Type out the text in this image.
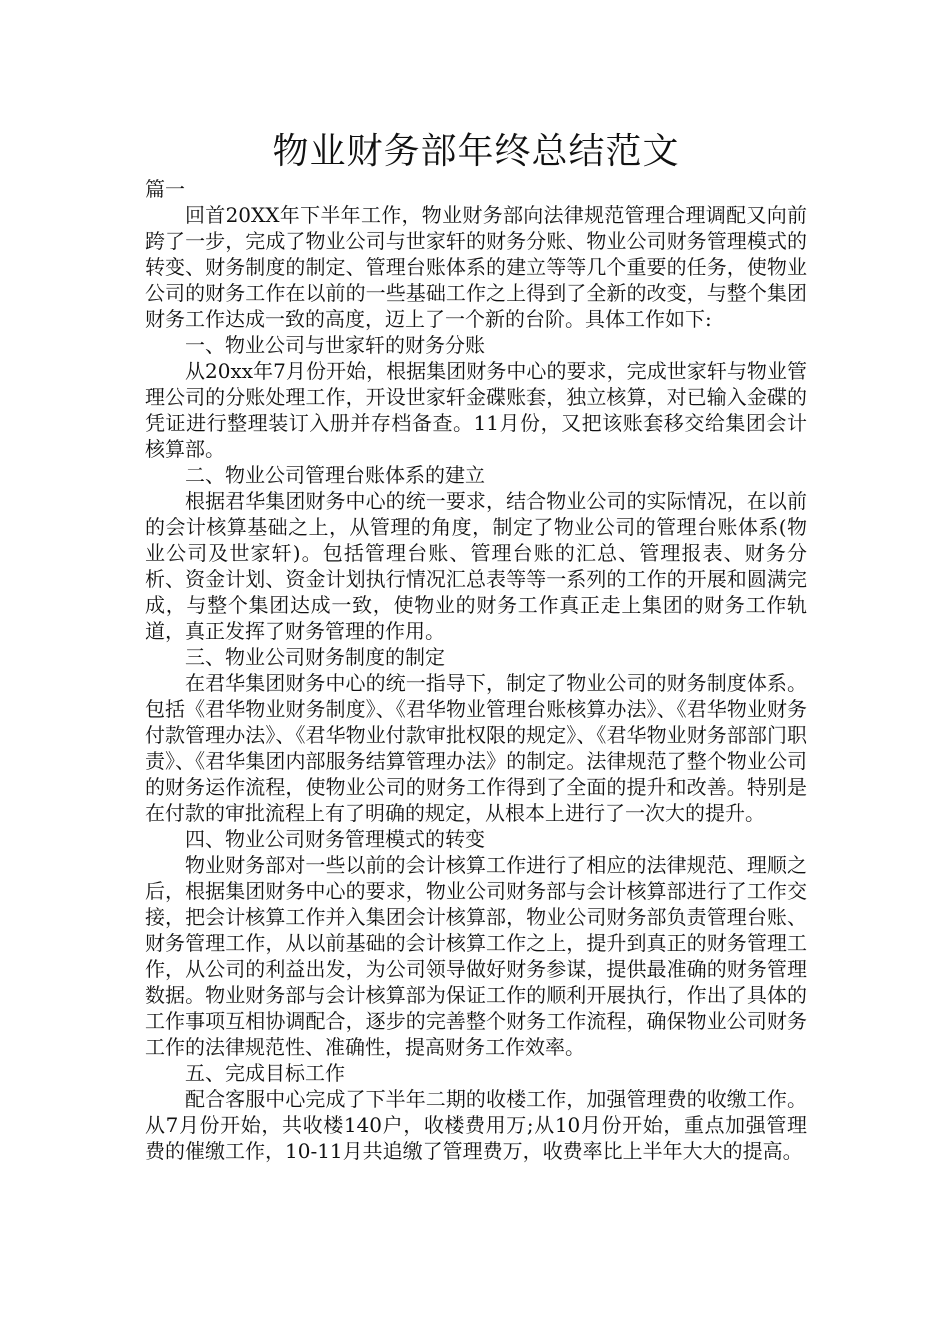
物业财务部年终总结范文

篇一

回首20XX年下半年工作，物业财务部向法律规范管理合理调配又向前跨了一步，完成了物业公司与世家轩的财务分账、物业公司财务管理模式的转变、财务制度的制定、管理台账体系的建立等等几个重要的任务，使物业公司的财务工作在以前的一些基础工作之上得到了全新的改变，与整个集团财务工作达成一致的高度，迈上了一个新的台阶。具体工作如下:

一、物业公司与世家轩的财务分账

从20xx年7月份开始，根据集团财务中心的要求，完成世家轩与物业管理公司的分账处理工作，开设世家轩金碟账套，独立核算，对已输入金碟的凭证进行整理装订入册并存档备查。11月份，又把该账套移交给集团会计核算部。

二、物业公司管理台账体系的建立

根据君华集团财务中心的统一要求，结合物业公司的实际情况，在以前的会计核算基础之上，从管理的角度，制定了物业公司的管理台账体系(物业公司及世家轩)。包括管理台账、管理台账的汇总、管理报表、财务分析、资金计划、资金计划执行情况汇总表等等一系列的工作的开展和圆满完成，与整个集团达成一致，使物业的财务工作真正走上集团的财务工作轨道，真正发挥了财务管理的作用。

三、物业公司财务制度的制定

在君华集团财务中心的统一指导下，制定了物业公司的财务制度体系。包括《君华物业财务制度》、《君华物业管理台账核算办法》、《君华物业财务付款管理办法》、《君华物业付款审批权限的规定》、《君华物业财务部部门职责》、《君华集团内部服务结算管理办法》的制定。法律规范了整个物业公司的财务运作流程，使物业公司的财务工作得到了全面的提升和改善。特别是在付款的审批流程上有了明确的规定，从根本上进行了一次大的提升。

四、物业公司财务管理模式的转变

物业财务部对一些以前的会计核算工作进行了相应的法律规范、理顺之后，根据集团财务中心的要求，物业公司财务部与会计核算部进行了工作交接，把会计核算工作并入集团会计核算部，物业公司财务部负责管理台账、财务管理工作，从以前基础的会计核算工作之上，提升到真正的财务管理工作，从公司的利益出发，为公司领导做好财务参谋，提供最准确的财务管理数据。物业财务部与会计核算部为保证工作的顺利开展执行，作出了具体的工作事项互相协调配合，逐步的完善整个财务工作流程，确保物业公司财务工作的法律规范性、准确性，提高财务工作效率。

五、完成目标工作

配合客服中心完成了下半年二期的收楼工作，加强管理费的收缴工作。从7月份开始，共收楼140户，收楼费用万;从10月份开始，重点加强管理费的催缴工作，10-11月共追缴了管理费万，收费率比上半年大大的提高。
